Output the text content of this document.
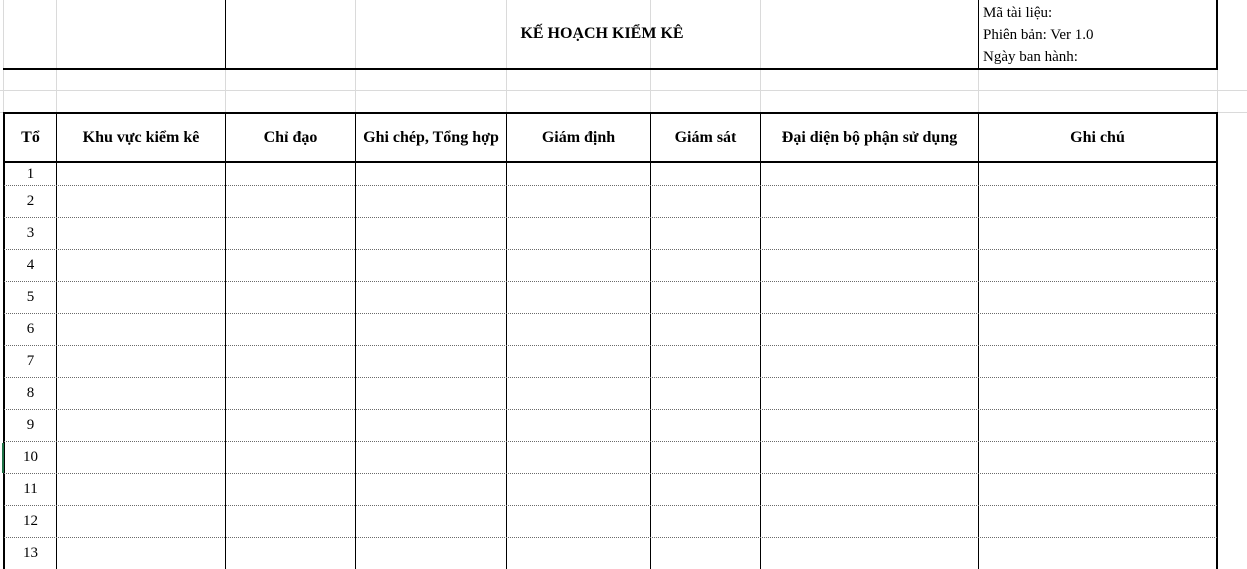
KẾ HOẠCH KIỂM KÊ
Mã tài liệu:
Phiên bản: Ver 1.0
Ngày ban hành:
Tổ	Khu vực kiểm kê	Chỉ đạo	Ghi chép, Tổng hợp	Giám định	Giám sát	Đại diện bộ phận sử dụng	Ghi chú
1
2
3
4
5
6
7
8
9
10
11
12
13
